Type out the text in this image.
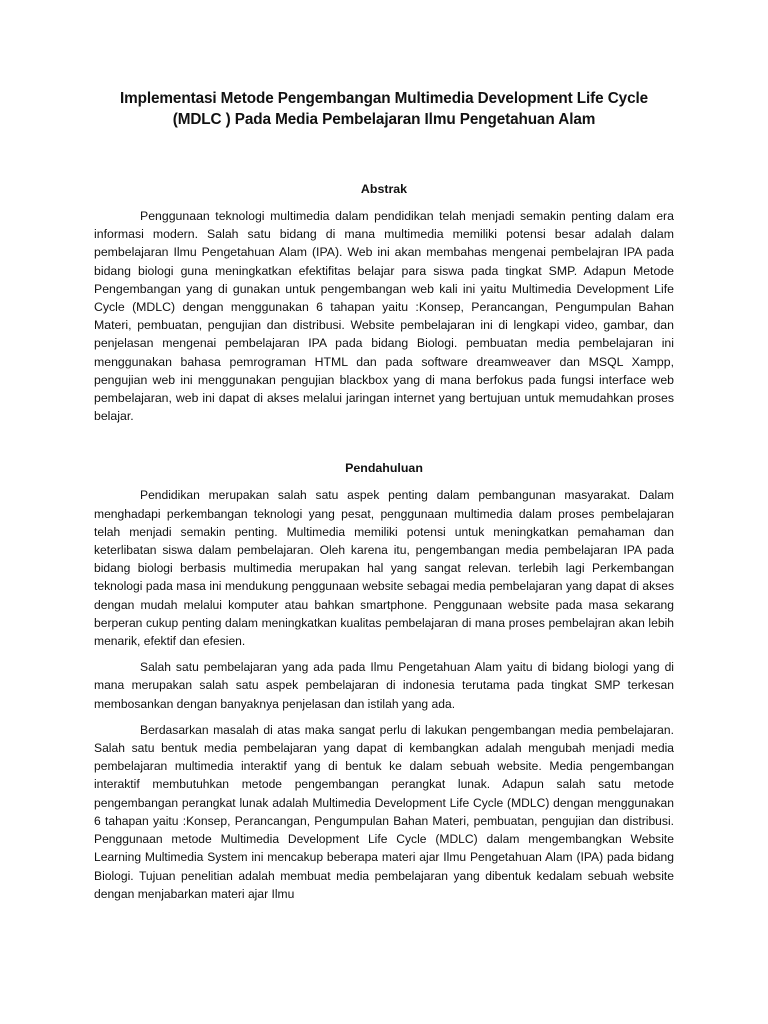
Implementasi Metode Pengembangan Multimedia Development Life Cycle
(MDLC ) Pada Media Pembelajaran Ilmu Pengetahuan Alam
Abstrak

Penggunaan teknologi multimedia dalam pendidikan telah menjadi semakin penting dalam era informasi modern. Salah satu bidang di mana multimedia memiliki potensi besar adalah dalam pembelajaran Ilmu Pengetahuan Alam (IPA). Web ini akan membahas mengenai pembelajran IPA pada bidang biologi guna meningkatkan efektifitas belajar para siswa pada tingkat SMP. Adapun Metode Pengembangan yang di gunakan untuk pengembangan web kali ini yaitu Multimedia Development Life Cycle (MDLC) dengan menggunakan 6 tahapan yaitu :Konsep, Perancangan, Pengumpulan Bahan Materi, pembuatan, pengujian dan distribusi. Website pembelajaran ini di lengkapi video, gambar, dan penjelasan mengenai pembelajaran IPA pada bidang Biologi. pembuatan media pembelajaran ini menggunakan bahasa pemrograman HTML dan pada software dreamweaver dan MSQL Xampp, pengujian web ini menggunakan pengujian blackbox yang di mana berfokus pada fungsi interface web pembelajaran, web ini dapat di akses melalui jaringan internet yang bertujuan untuk memudahkan proses belajar.

Pendahuluan

Pendidikan merupakan salah satu aspek penting dalam pembangunan masyarakat. Dalam menghadapi perkembangan teknologi yang pesat, penggunaan multimedia dalam proses pembelajaran telah menjadi semakin penting. Multimedia memiliki potensi untuk meningkatkan pemahaman dan keterlibatan siswa dalam pembelajaran. Oleh karena itu, pengembangan media pembelajaran IPA pada bidang biologi berbasis multimedia merupakan hal yang sangat relevan. terlebih lagi Perkembangan teknologi pada masa ini mendukung penggunaan website sebagai media pembelajaran yang dapat di akses dengan mudah melalui komputer atau bahkan smartphone. Penggunaan website pada masa sekarang berperan cukup penting dalam meningkatkan kualitas pembelajaran di mana proses pembelajran akan lebih menarik, efektif dan efesien.

Salah satu pembelajaran yang ada pada Ilmu Pengetahuan Alam yaitu di bidang biologi yang di mana merupakan salah satu aspek pembelajaran di indonesia terutama pada tingkat SMP terkesan membosankan dengan banyaknya penjelasan dan istilah yang ada.

Berdasarkan masalah di atas maka sangat perlu di lakukan pengembangan media pembelajaran. Salah satu bentuk media pembelajaran yang dapat di kembangkan adalah mengubah menjadi media pembelajaran multimedia interaktif yang di bentuk ke dalam sebuah website. Media pengembangan interaktif membutuhkan metode pengembangan perangkat lunak. Adapun salah satu metode pengembangan perangkat lunak adalah Multimedia Development Life Cycle (MDLC) dengan menggunakan 6 tahapan yaitu :Konsep, Perancangan, Pengumpulan Bahan Materi, pembuatan, pengujian dan distribusi. Penggunaan metode Multimedia Development Life Cycle (MDLC) dalam mengembangkan Website Learning Multimedia System ini mencakup beberapa materi ajar Ilmu Pengetahuan Alam (IPA) pada bidang Biologi. Tujuan penelitian adalah membuat media pembelajaran yang dibentuk kedalam sebuah website dengan menjabarkan materi ajar Ilmu
